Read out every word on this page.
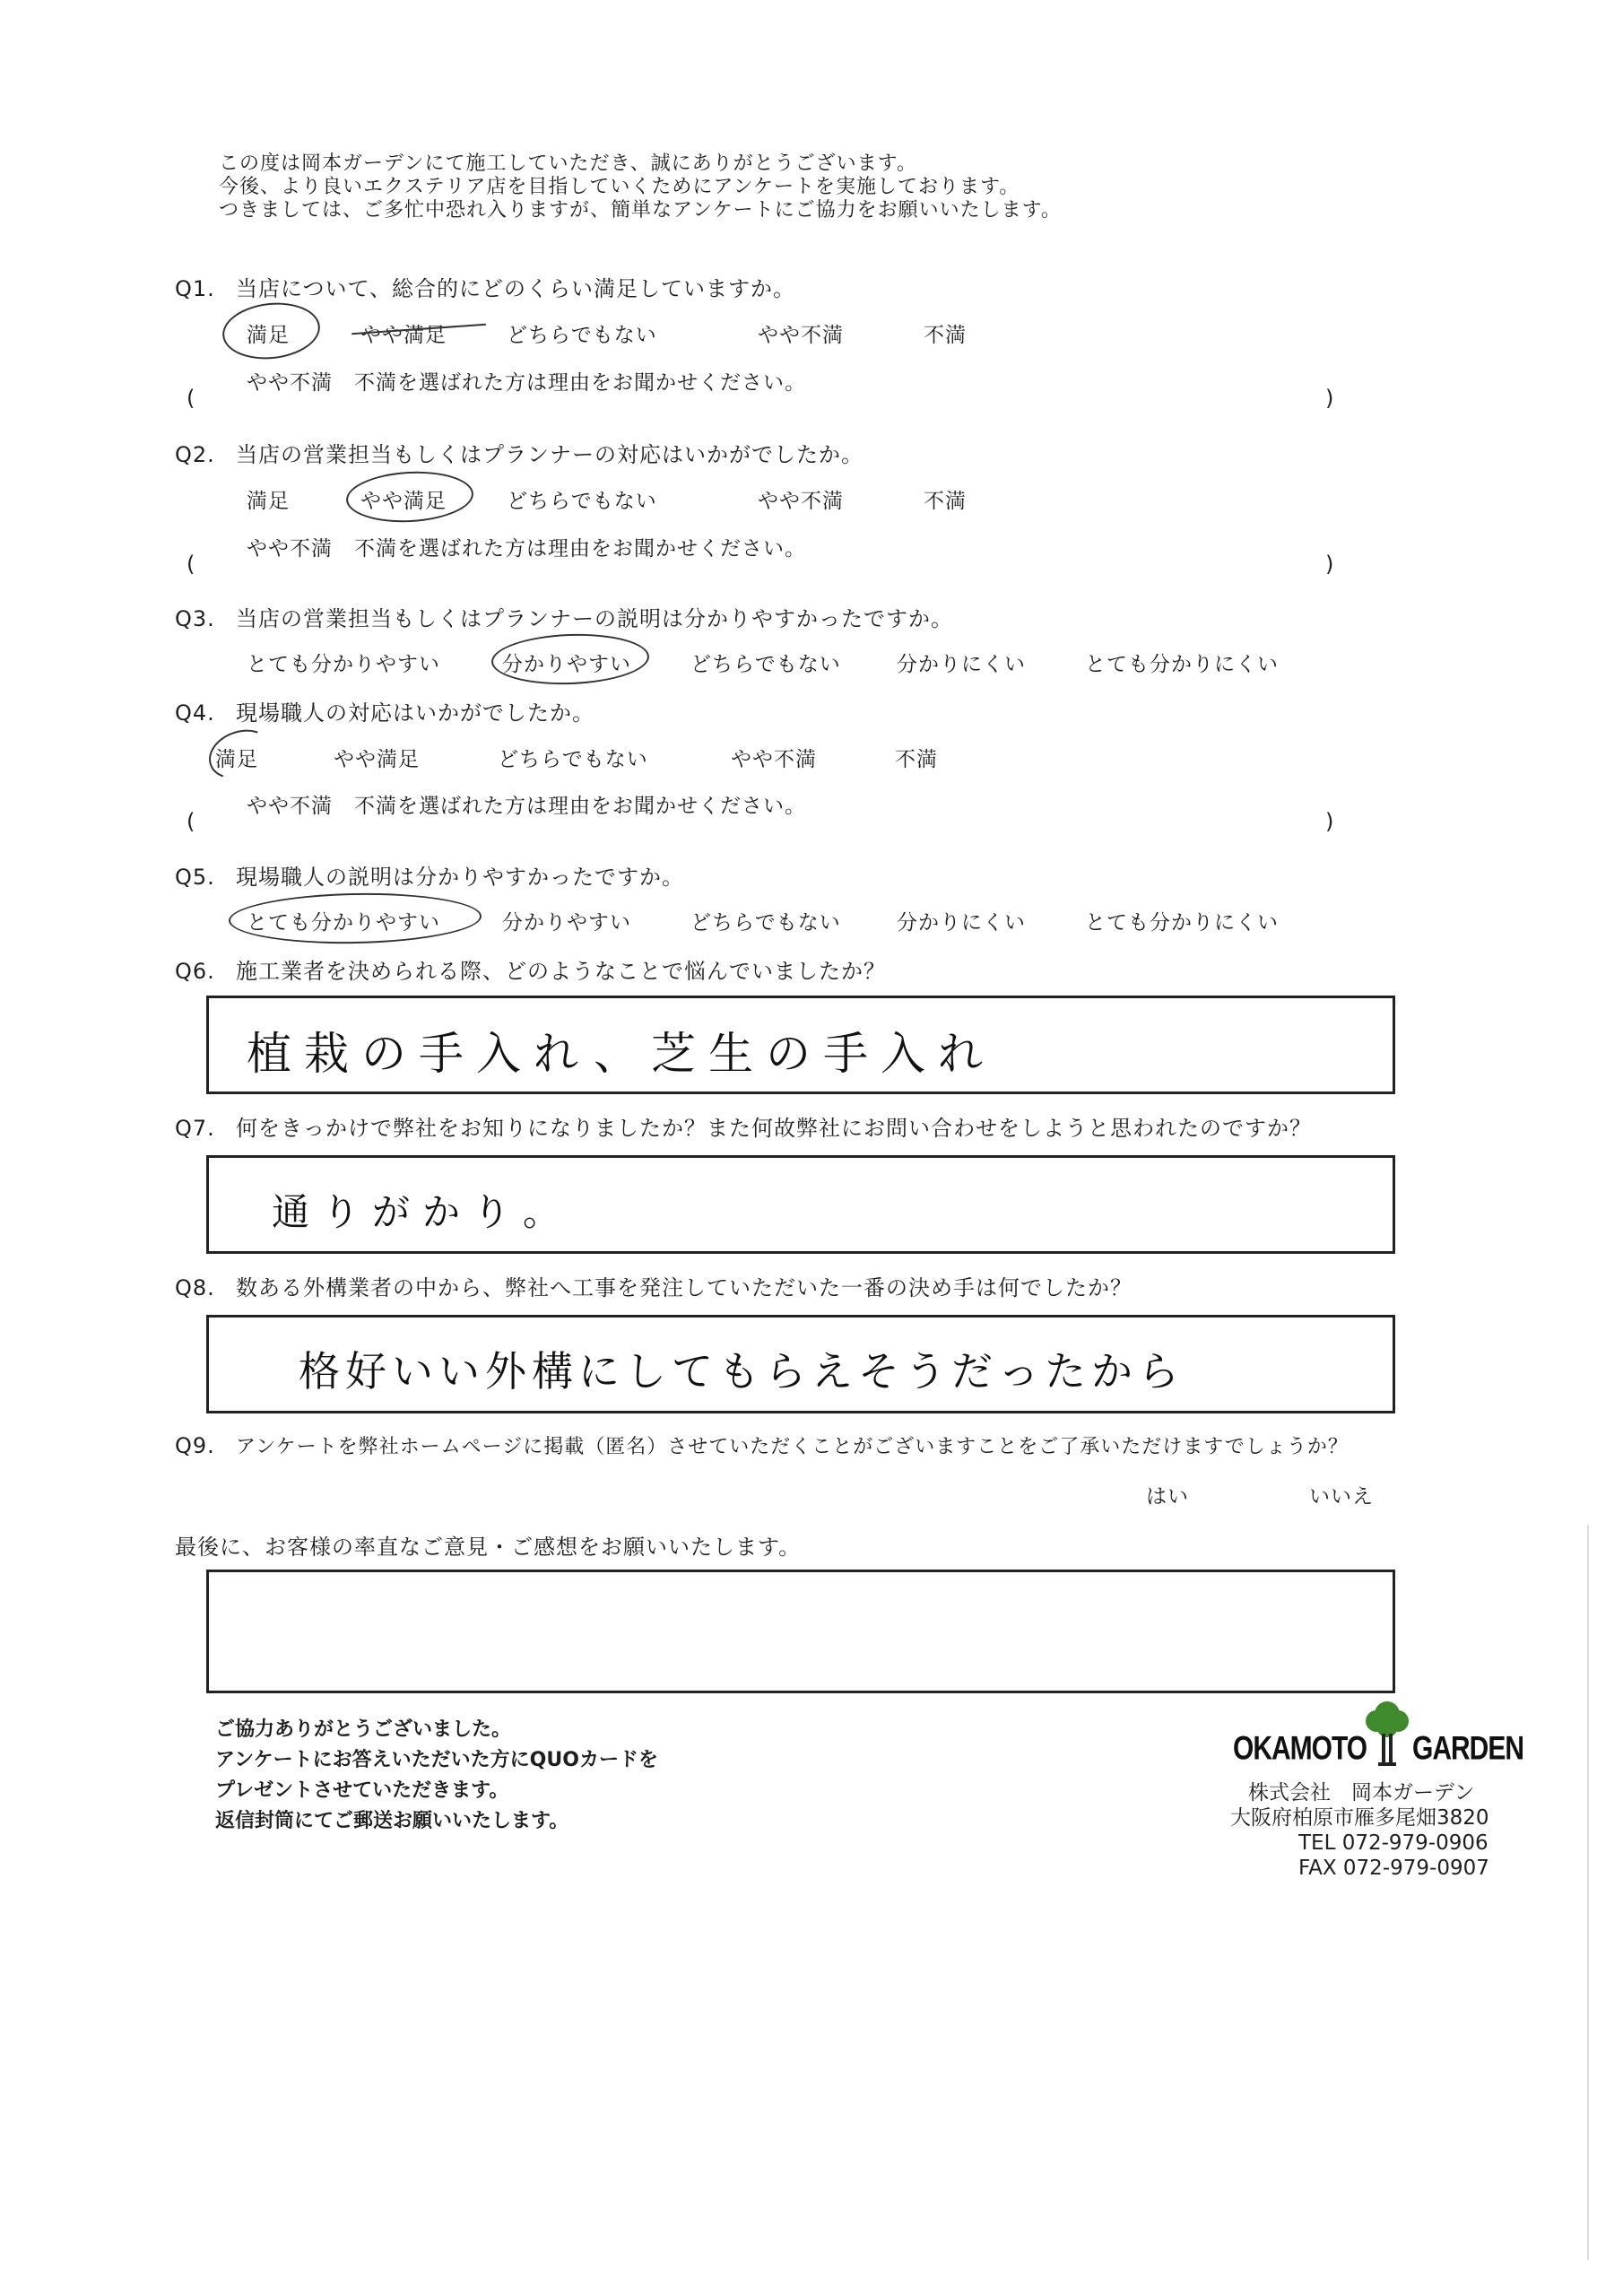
この度は岡本ガーデンにて施工していただき、誠にありがとうございます。
今後、より良いエクステリア店を目指していくためにアンケートを実施しております。
つきましては、ご多忙中恐れ入りますが、簡単なアンケートにご協力をお願いいたします。
Q1. 当店について、総合的にどのくらい満足していますか。
満足	やや満足	どちらでもない	やや不満	不満
やや不満　不満を選ばれた方は理由をお聞かせください。
(	)
Q2. 当店の営業担当もしくはプランナーの対応はいかがでしたか。
満足	やや満足	どちらでもない	やや不満	不満
やや不満　不満を選ばれた方は理由をお聞かせください。
(	)
Q3. 当店の営業担当もしくはプランナーの説明は分かりやすかったですか。
とても分かりやすい	分かりやすい	どちらでもない	分かりにくい	とても分かりにくい
Q4. 現場職人の対応はいかがでしたか。
満足	やや満足	どちらでもない	やや不満	不満
やや不満　不満を選ばれた方は理由をお聞かせください。
(	)
Q5. 現場職人の説明は分かりやすかったですか。
とても分かりやすい	分かりやすい	どちらでもない	分かりにくい	とても分かりにくい
Q6. 施工業者を決められる際、どのようなことで悩んでいましたか？
植栽の手入れ、芝生の手入れ
Q7. 何をきっかけで弊社をお知りになりましたか？また何故弊社にお問い合わせをしようと思われたのですか？
通りがかり。
Q8. 数ある外構業者の中から、弊社へ工事を発注していただいた一番の決め手は何でしたか？
格好いい外構にしてもらえそうだったから
Q9. アンケートを弊社ホームページに掲載（匿名）させていただくことがございますことをご了承いただけますでしょうか？
はい	いいえ
最後に、お客様の率直なご意見・ご感想をお願いいたします。
ご協力ありがとうございました。
アンケートにお答えいただいた方にQUOカードを
プレゼントさせていただきます。
返信封筒にてご郵送お願いいたします。
OKAMOTO GARDEN
株式会社　岡本ガーデン
大阪府柏原市雁多尾畑3820
TEL 072-979-0906
FAX 072-979-0907
